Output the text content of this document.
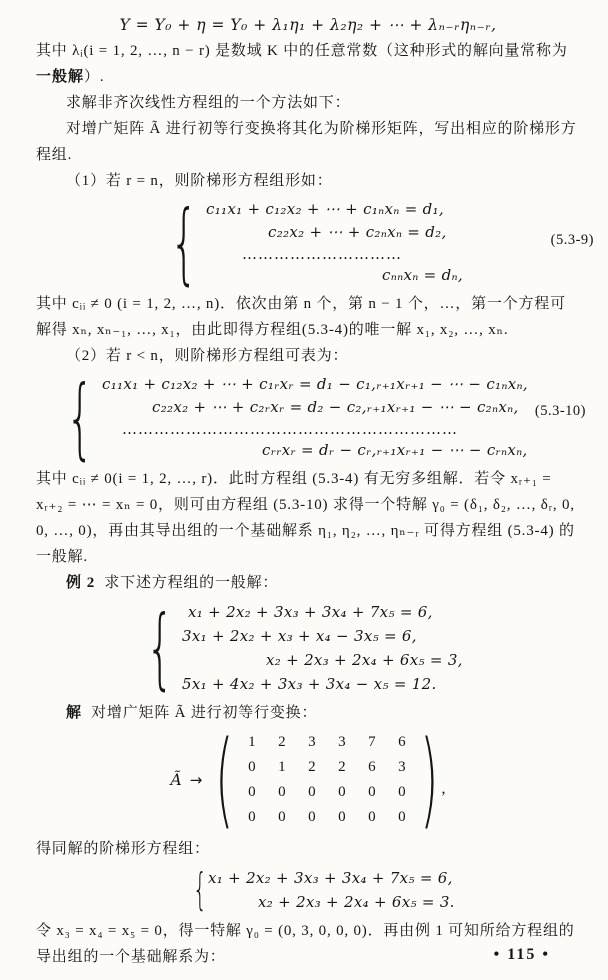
Y = Y₀ + η = Y₀ + λ₁η₁ + λ₂η₂ + ⋯ + λₙ₋ᵣηₙ₋ᵣ,

其中 λᵢ(i = 1, 2, …, n − r) 是数域 K 中的任意常数（这种形式的解向量常称为一般解）.

求解非齐次线性方程组的一个方法如下：

对增广矩阵 Ã 进行初等行变换将其化为阶梯形矩阵，写出相应的阶梯形方程组.

（1）若 r = n，则阶梯形方程组形如：

{ c₁₁x₁ + c₁₂x₂ + ⋯ + c₁ₙxₙ = d₁,
c₂₂x₂ + ⋯ + c₂ₙxₙ = d₂,
…………………………
cₙₙxₙ = dₙ,
(5.3-9)

其中 cᵢᵢ ≠ 0 (i = 1, 2, …, n)．依次由第 n 个，第 n − 1 个，…，第一个方程可解得 xₙ, xₙ₋₁, …, x₁，由此即得方程组(5.3-4)的唯一解 x₁, x₂, …, xₙ.

（2）若 r < n，则阶梯形方程组可表为：

{ c₁₁x₁ + c₁₂x₂ + ⋯ + c₁ᵣxᵣ = d₁ − c₁,ᵣ₊₁xᵣ₊₁ − ⋯ − c₁ₙxₙ,
c₂₂x₂ + ⋯ + c₂ᵣxᵣ = d₂ − c₂,ᵣ₊₁xᵣ₊₁ − ⋯ − c₂ₙxₙ,
………………………………………………………
cᵣᵣxᵣ = dᵣ − cᵣ,ᵣ₊₁xᵣ₊₁ − ⋯ − cᵣₙxₙ,
(5.3-10)

其中 cᵢᵢ ≠ 0(i = 1, 2, …, r)．此时方程组 (5.3-4) 有无穷多组解．若令 xᵣ₊₁ = xᵣ₊₂ = ⋯ = xₙ = 0，则可由方程组 (5.3-10) 求得一个特解 γ₀ = (δ₁, δ₂, …, δᵣ, 0, 0, …, 0)，再由其导出组的一个基础解系 η₁, η₂, …, ηₙ₋ᵣ 可得方程组 (5.3-4) 的一般解.

例 2 求下述方程组的一般解：

{ x₁ + 2x₂ + 3x₃ + 3x₄ + 7x₅ = 6,
3x₁ + 2x₂ + x₃ + x₄ − 3x₅ = 6,
x₂ + 2x₃ + 2x₄ + 6x₅ = 3,
5x₁ + 4x₂ + 3x₃ + 3x₄ − x₅ = 12.

解 对增广矩阵 Ã 进行初等行变换：

Ã → ( 1	2	3	3	7	6
0	1	2	2	6	3
0	0	0	0	0	0
0	0	0	0	0	0 ) ,

得同解的阶梯形方程组：

{ x₁ + 2x₂ + 3x₃ + 3x₄ + 7x₅ = 6,
x₂ + 2x₃ + 2x₄ + 6x₅ = 3.

令 x₃ = x₄ = x₅ = 0，得一特解 γ₀ = (0, 3, 0, 0, 0)．再由例 1 可知所给方程组的导出组的一个基础解系为：	• 115 •
